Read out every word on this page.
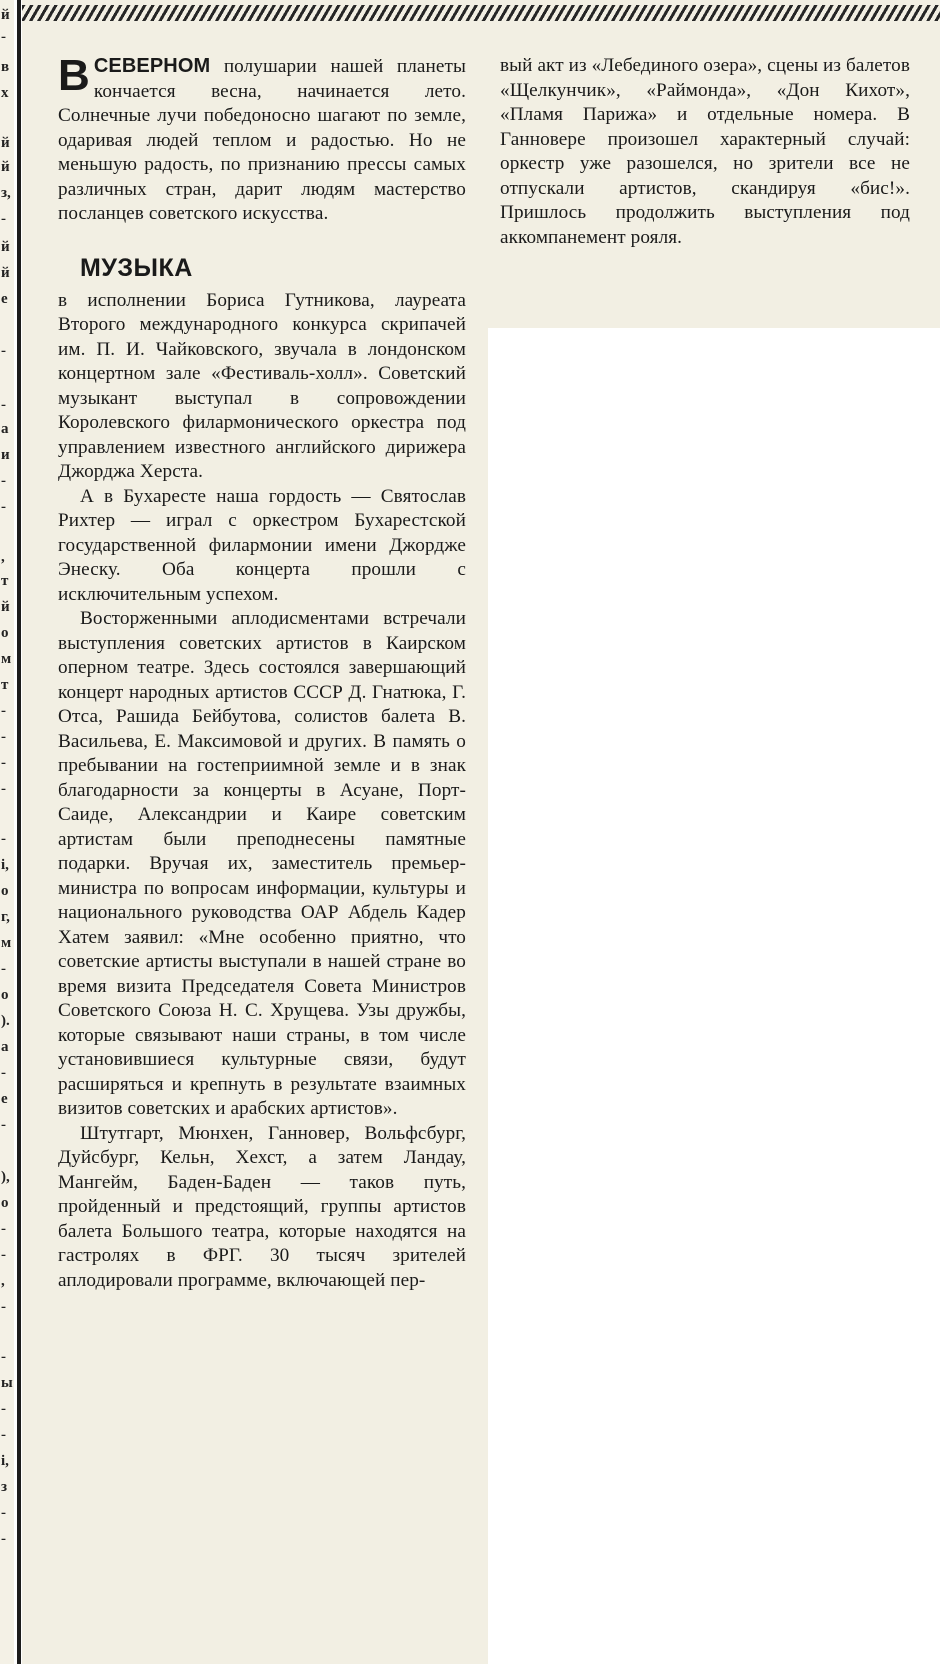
й
-
в
х
й
й
з,
-
й
й
е
-
-
а
и
-
-
,
т
й
о
м
т
-
-
-
-
-
і,
о
г,
м
-
о
).
а
-
е
-
),
о
-
-
,
-
-
ы
-
-
і,
з
-
-

ВСЕВЕРНОМ полушарии нашей планеты кончается весна, начинается лето. Солнечные лучи победоносно шагают по земле, одаривая людей теплом и радостью. Но не меньшую радость, по признанию прессы самых различных стран, дарит людям мастерство посланцев советского искусства.

МУЗЫКА

в исполнении Бориса Гутникова, лауреата Второго международного конкурса скрипачей им. П. И. Чайковского, звучала в лондонском концертном зале «Фестиваль-холл». Советский музыкант выступал в сопровождении Королевского филармонического оркестра под управлением известного английского дирижера Джорджа Херста.

А в Бухаресте наша гордость — Святослав Рихтер — играл с оркестром Бухарестской государственной филармонии имени Джордже Энеску. Оба концерта прошли с исключительным успехом.

Восторженными аплодисментами встречали выступления советских артистов в Каирском оперном театре. Здесь состоялся завершающий концерт народных артистов СССР Д. Гнатюка, Г. Отса, Рашида Бейбутова, солистов балета В. Васильева, Е. Максимовой и других. В память о пребывании на гостеприимной земле и в знак благодарности за концерты в Асуане, Порт-Саиде, Александрии и Каире советским артистам были преподнесены памятные подарки. Вручая их, заместитель премьер-министра по вопросам информации, культуры и национального руководства ОАР Абдель Кадер Хатем заявил: «Мне особенно приятно, что советские артисты выступали в нашей стране во время визита Председателя Совета Министров Советского Союза Н. С. Хрущева. Узы дружбы, которые связывают наши страны, в том числе установившиеся культурные связи, будут расширяться и крепнуть в результате взаимных визитов советских и арабских артистов».

Штутгарт, Мюнхен, Ганновер, Вольфсбург, Дуйсбург, Кельн, Хехст, а затем Ландау, Мангейм, Баден-Баден — таков путь, пройденный и предстоящий, группы артистов балета Большого театра, которые находятся на гастролях в ФРГ. 30 тысяч зрителей аплодировали программе, включающей пер-

вый акт из «Лебединого озера», сцены из балетов «Щелкунчик», «Раймонда», «Дон Кихот», «Пламя Парижа» и отдельные номера. В Ганновере произошел характерный случай: оркестр уже разошелся, но зрители все не отпускали артистов, скандируя «бис!». Пришлось продолжить выступления под аккомпанемент рояля.
